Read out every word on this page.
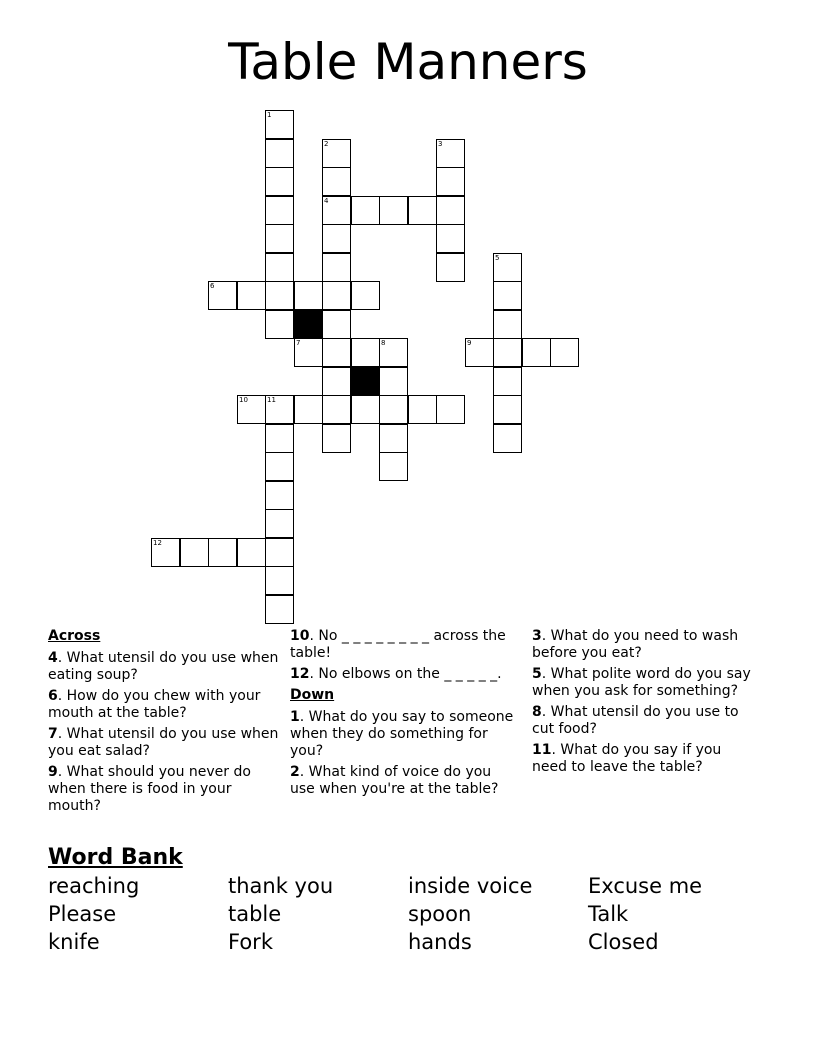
Table Manners
1
2
4
3
5
6
7	8	9
10	11
12
Across
4. What utensil do you use when eating soup?
6. How do you chew with your mouth at the table?
7. What utensil do you use when you eat salad?
9. What should you never do when there is food in your mouth?
10. No _ _ _ _ _ _ _ _ across the table!
12. No elbows on the _ _ _ _ _.
Down
1. What do you say to someone when they do something for you?
2. What kind of voice do you use when you're at the table?
3. What do you need to wash before you eat?
5. What polite word do you say when you ask for something?
8. What utensil do you use to cut food?
11. What do you say if you need to leave the table?
Word Bank
reaching	thank you	inside voice	Excuse me
Please	table	spoon	Talk
knife	Fork	hands	Closed
